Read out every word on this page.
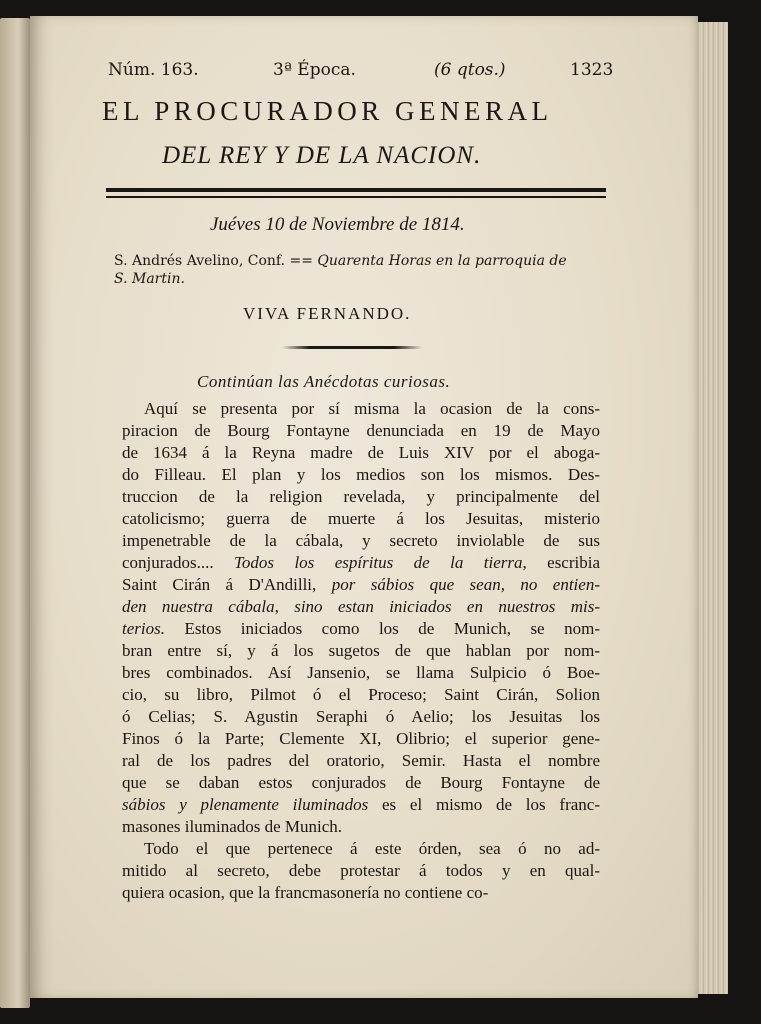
Núm. 163.	3ª Época.	(6 qtos.)	1323
EL PROCURADOR GENERAL
DEL REY Y DE LA NACION.
Juéves 10 de Noviembre de 1814.
S. Andrés Avelino, Conf. == Quarenta Horas en la parroquia de
S. Martin.
VIVA FERNANDO.
Continúan las Anécdotas curiosas.
Aquí se presenta por sí misma la ocasion de la cons-
piracion de Bourg Fontayne denunciada en 19 de Mayo
de 1634 á la Reyna madre de Luis XIV por el aboga-
do Filleau. El plan y los medios son los mismos. Des-
truccion de la religion revelada, y principalmente del
catolicismo; guerra de muerte á los Jesuitas, misterio
impenetrable de la cábala, y secreto inviolable de sus
conjurados.... Todos los espíritus de la tierra, escribia
Saint Cirán á D'Andilli, por sábios que sean, no entien-
den nuestra cábala, sino estan iniciados en nuestros mis-
terios. Estos iniciados como los de Munich, se nom-
bran entre sí, y á los sugetos de que hablan por nom-
bres combinados. Así Jansenio, se llama Sulpicio ó Boe-
cio, su libro, Pilmot ó el Proceso; Saint Cirán, Solion
ó Celias; S. Agustin Seraphi ó Aelio; los Jesuitas los
Finos ó la Parte; Clemente XI, Olibrio; el superior gene-
ral de los padres del oratorio, Semir. Hasta el nombre
que se daban estos conjurados de Bourg Fontayne de
sábios y plenamente iluminados es el mismo de los franc-
masones iluminados de Munich.
Todo el que pertenece á este órden, sea ó no ad-
mitido al secreto, debe protestar á todos y en qual-
quiera ocasion, que la francmasonería no contiene co-
